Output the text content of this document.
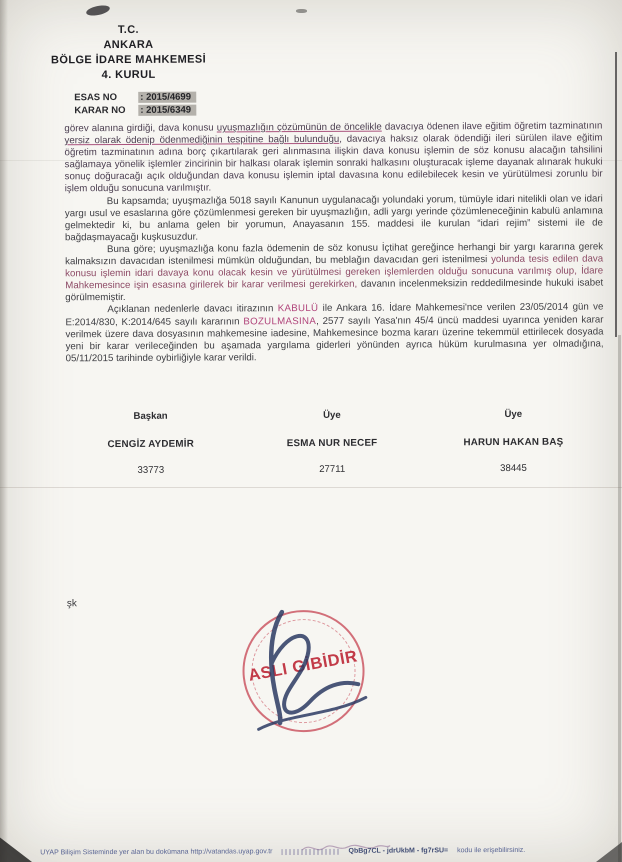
T.C.
ANKARA
BÖLGE İDARE MAHKEMESİ
4. KURUL
ESAS NO : 2015/4699
KARAR NO : 2015/6349

görev alanına girdiği, dava konusu uyuşmazlığın çözümünün de öncelikle davacıya ödenen ilave eğitim öğretim tazminatının yersiz olarak ödenip ödenmediğinin tespitine bağlı bulunduğu, davacıya haksız olarak ödendiği ileri sürülen ilave eğitim öğretim tazminatının adına borç çıkartılarak geri alınmasına ilişkin dava konusu işlemin de söz konusu alacağın tahsilini sağlamaya yönelik işlemler zincirinin bir halkası olarak işlemin sonraki halkasını oluşturacak işleme dayanak alınarak hukuki sonuç doğuracağı açık olduğundan dava konusu işlemin iptal davasına konu edilebilecek kesin ve yürütülmesi zorunlu bir işlem olduğu sonucuna varılmıştır.

Bu kapsamda; uyuşmazlığa 5018 sayılı Kanunun uygulanacağı yolundaki yorum, tümüyle idari nitelikli olan ve idari yargı usul ve esaslarına göre çözümlenmesi gereken bir uyuşmazlığın, adli yargı yerinde çözümleneceğinin kabulü anlamına gelmektedir ki, bu anlama gelen bir yorumun, Anayasanın 155. maddesi ile kurulan “idari rejim” sistemi ile de bağdaşmayacağı kuşkusuzdur.

Buna göre; uyuşmazlığa konu fazla ödemenin de söz konusu İçtihat gereğince herhangi bir yargı kararına gerek kalmaksızın davacıdan istenilmesi mümkün olduğundan, bu meblağın davacıdan geri istenilmesi yolunda tesis edilen dava konusu işlemin idari davaya konu olacak kesin ve yürütülmesi gereken işlemlerden olduğu sonucuna varılmış olup, İdare Mahkemesince işin esasına girilerek bir karar verilmesi gerekirken, davanın incelenmeksizin reddedilmesinde hukuki isabet görülmemiştir.

Açıklanan nedenlerle davacı itirazının KABULÜ ile Ankara 16. İdare Mahkemesi'nce verilen 23/05/2014 gün ve E:2014/830, K:2014/645 sayılı kararının BOZULMASINA, 2577 sayılı Yasa'nın 45/4 üncü maddesi uyarınca yeniden karar verilmek üzere dava dosyasının mahkemesine iadesine, Mahkemesince bozma kararı üzerine tekemmül ettirilecek dosyada yeni bir karar verileceğinden bu aşamada yargılama giderleri yönünden ayrıca hüküm kurulmasına yer olmadığına, 05/11/2015 tarihinde oybirliğiyle karar verildi.

Başkan
CENGİZ AYDEMİR
33773
Üye
ESMA NUR NECEF
27711
Üye
HARUN HAKAN BAŞ
38445
şk
ASLI GİBİDİR
UYAP Bilişim Sisteminde yer alan bu dokümana http://vatandas.uyap.gov.tr	QbBg7CL - jdrUkbM - fg7rSU= kodu ile erişebilirsiniz.
